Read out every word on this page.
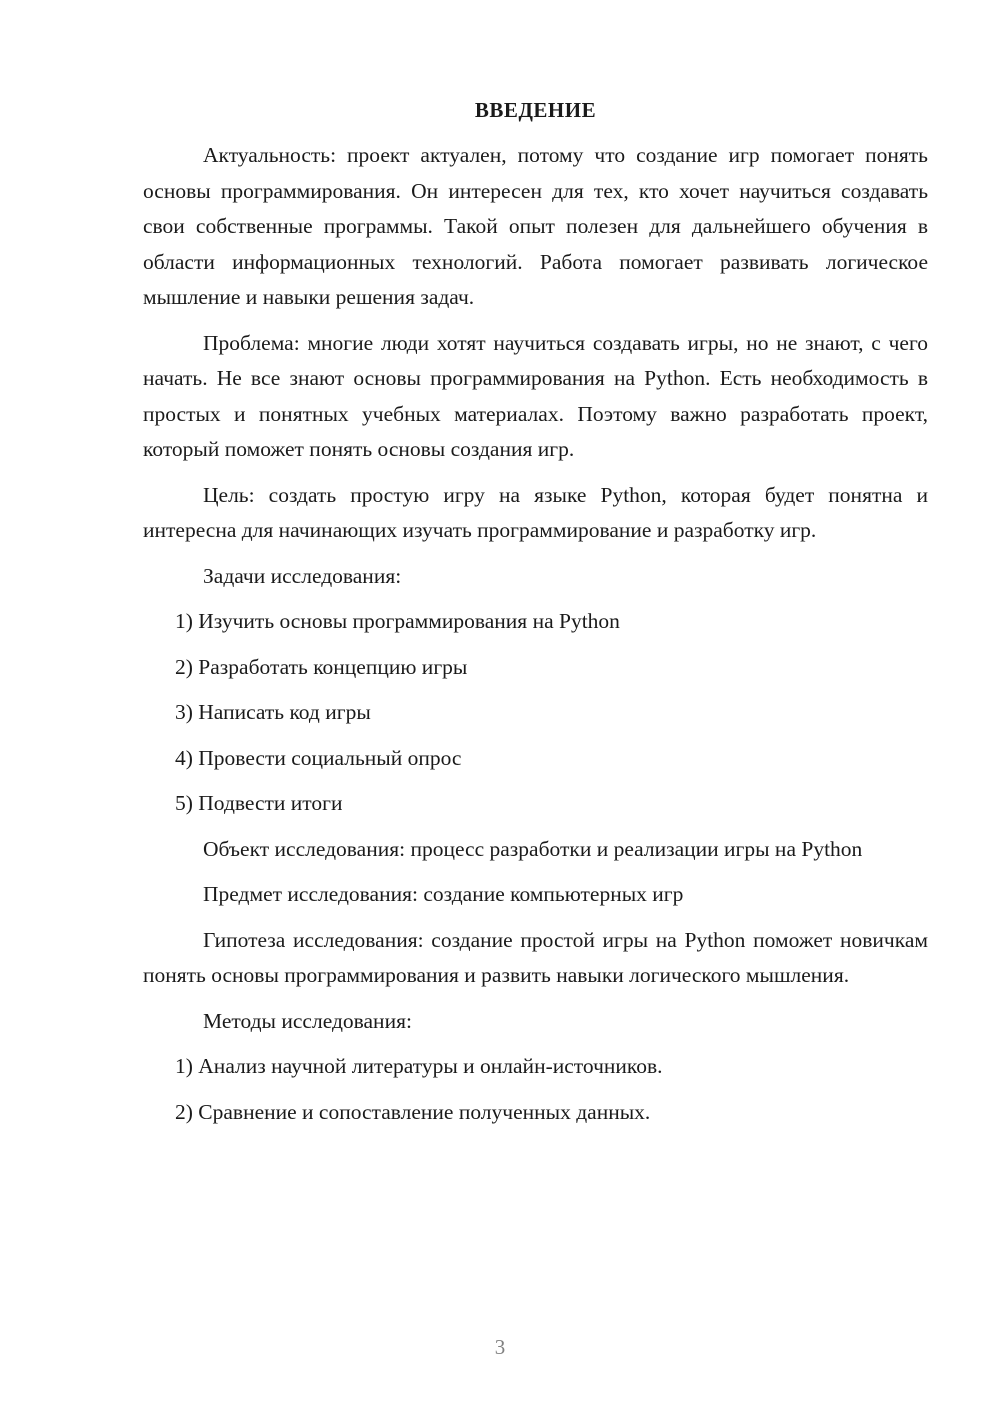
ВВЕДЕНИЕ

Актуальность: проект актуален, потому что создание игр помогает понять основы программирования. Он интересен для тех, кто хочет научиться создавать свои собственные программы. Такой опыт полезен для дальнейшего обучения в области информационных технологий. Работа помогает развивать логическое мышление и навыки решения задач.

Проблема: многие люди хотят научиться создавать игры, но не знают, с чего начать. Не все знают основы программирования на Python. Есть необходимость в простых и понятных учебных материалах. Поэтому важно разработать проект, который поможет понять основы создания игр.

Цель: создать простую игру на языке Python, которая будет понятна и интересна для начинающих изучать программирование и разработку игр.

Задачи исследования:

1) Изучить основы программирования на Python
2) Разработать концепцию игры
3) Написать код игры
4) Провести социальный опрос
5) Подвести итоги

Объект исследования: процесс разработки и реализации игры на Python

Предмет исследования: создание компьютерных игр

Гипотеза исследования: создание простой игры на Python поможет новичкам понять основы программирования и развить навыки логического мышления.

Методы исследования:

1) Анализ научной литературы и онлайн-источников.
2) Сравнение и сопоставление полученных данных.
3
